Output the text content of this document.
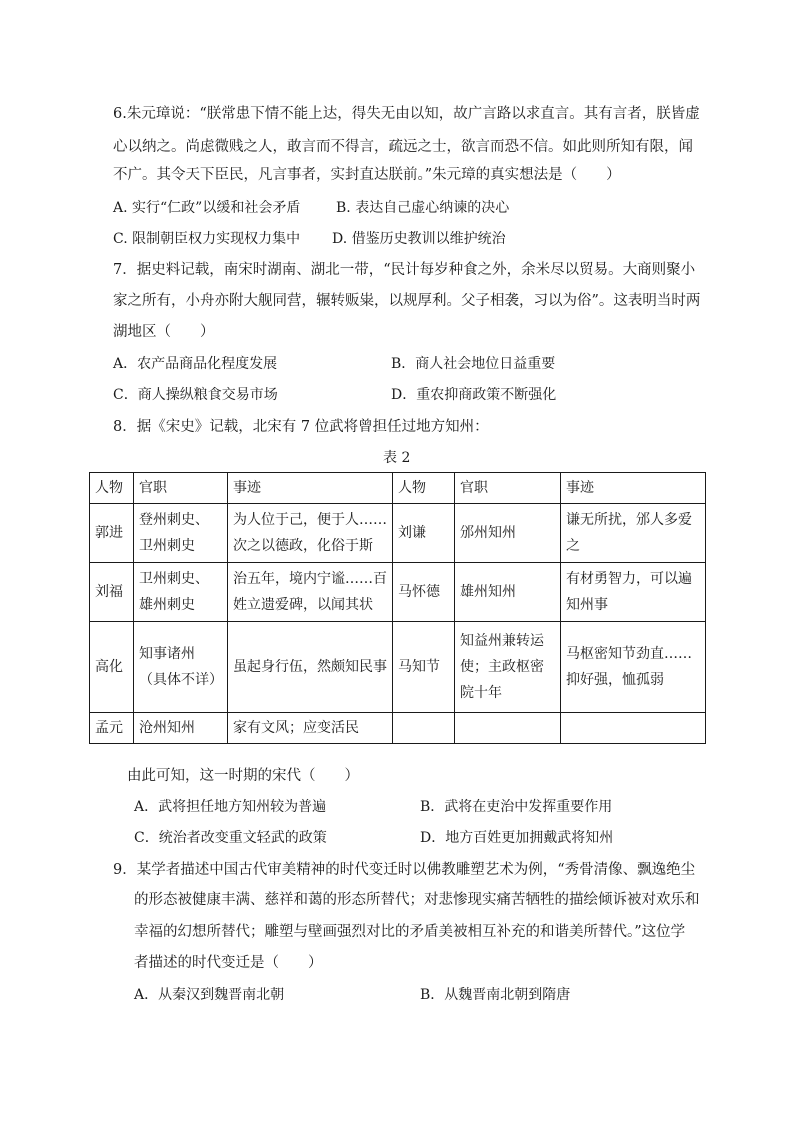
6.朱元璋说：“朕常患下情不能上达，得失无由以知，故广言路以求直言。其有言者，朕皆虚
心以纳之。尚虑微贱之人，敢言而不得言，疏远之士，欲言而恐不信。如此则所知有限，闻
不广。其令天下臣民，凡言事者，实封直达朕前。”朱元璋的真实想法是（　　）
A. 实行“仁政”以缓和社会矛盾	B. 表达自己虚心纳谏的决心
C. 限制朝臣权力实现权力集中 D. 借鉴历史教训以维护统治
7．据史料记载，南宋时湖南、湖北一带，“民计每岁种食之外，余米尽以贸易。大商则聚小
家之所有，小舟亦附大舰同营，辗转贩粜，以规厚利。父子相袭，习以为俗”。这表明当时两
湖地区（　　）
A．农产品商品化程度发展	B．商人社会地位日益重要
C．商人操纵粮食交易市场	D．重农抑商政策不断强化
8．据《宋史》记载，北宋有 7 位武将曾担任过地方知州：
表 2
人物	官职	事迹	人物	官职	事迹
郭进	登州刺史、卫州刺史	为人位于己，便于人……次之以德政，化俗于斯	刘谦	邠州知州	谦无所扰，邠人多爱之
刘福	卫州刺史、雄州刺史	治五年，境内宁谧……百姓立遗爱碑，以闻其状	马怀德	雄州知州	有材勇智力，可以遍知州事
高化	知事诸州（具体不详）	虽起身行伍，然颇知民事	马知节	知益州兼转运使；主政枢密院十年	马枢密知节劲直……抑好强，恤孤弱
孟元	沧州知州	家有文风；应变活民			
由此可知，这一时期的宋代（　　）
A．武将担任地方知州较为普遍	B．武将在吏治中发挥重要作用
C．统治者改变重文轻武的政策	D．地方百姓更加拥戴武将知州
9．某学者描述中国古代审美精神的时代变迁时以佛教雕塑艺术为例，“秀骨清像、飘逸绝尘
的形态被健康丰满、慈祥和蔼的形态所替代；对悲惨现实痛苦牺牲的描绘倾诉被对欢乐和
幸福的幻想所替代；雕塑与壁画强烈对比的矛盾美被相互补充的和谐美所替代。”这位学
者描述的时代变迁是（　　）
A．从秦汉到魏晋南北朝	B．从魏晋南北朝到隋唐
